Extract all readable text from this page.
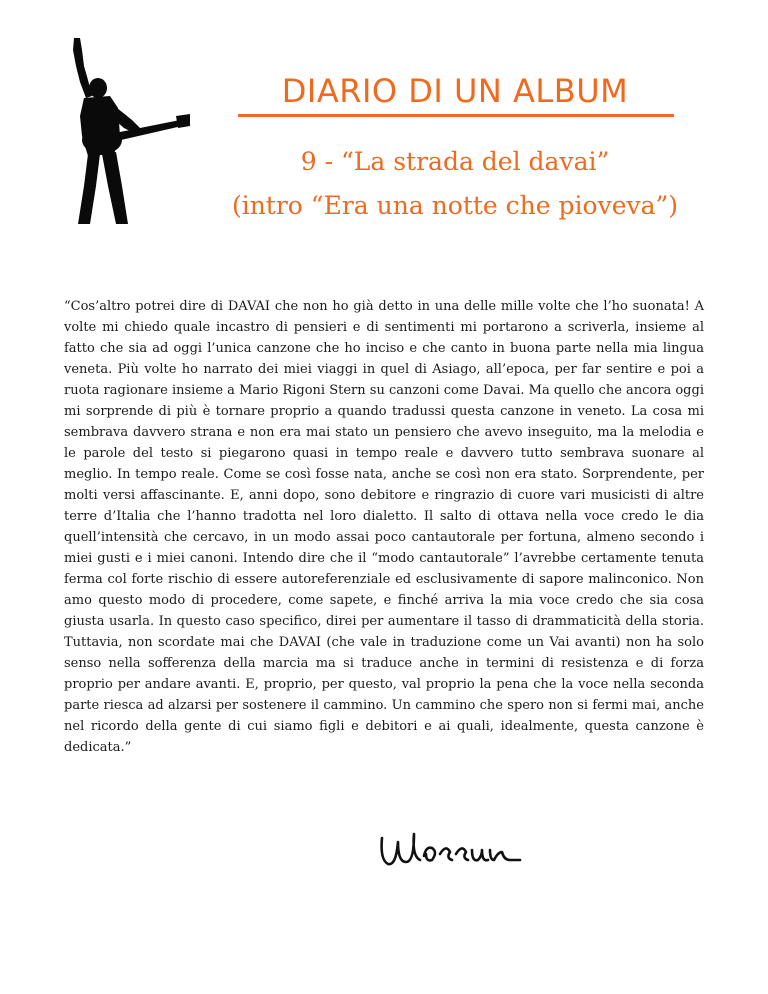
DIARIO DI UN ALBUM
9 - “La strada del davai”
(intro “Era una notte che pioveva”)

“Cos’altro potrei dire di DAVAI che non ho già detto in una delle mille volte che l’ho suonata! A volte mi chiedo quale incastro di pensieri e di sentimenti mi portarono a scriverla, insieme al fatto che sia ad oggi l’unica canzone che ho inciso e che canto in buona parte nella mia lingua veneta. Più volte ho narrato dei miei viaggi in quel di Asiago, all’epoca, per far sentire e poi a ruota ragionare insieme a Mario Rigoni Stern su canzoni come Davai. Ma quello che ancora oggi mi sorprende di più è tornare proprio a quando tradussi questa canzone in veneto. La cosa mi sembrava davvero strana e non era mai stato un pensiero che avevo inseguito, ma la melodia e le parole del testo si piegarono quasi in tempo reale e davvero tutto sembrava suonare al meglio. In tempo reale. Come se così fosse nata, anche se così non era stato. Sorprendente, per molti versi affascinante. E, anni dopo, sono debitore e ringrazio di cuore vari musicisti di altre terre d’Italia che l’hanno tradotta nel loro dialetto. Il salto di ottava nella voce credo le dia quell’intensità che cercavo, in un modo assai poco cantautorale per fortuna, almeno secondo i miei gusti e i miei canoni. Intendo dire che il “modo cantautorale” l’avrebbe certamente tenuta ferma col forte rischio di essere autoreferenziale ed esclusivamente di sapore malinconico. Non amo questo modo di procedere, come sapete, e finché arriva la mia voce credo che sia cosa giusta usarla. In questo caso specifico, direi per aumentare il tasso di drammaticità della storia. Tuttavia, non scordate mai che DAVAI (che vale in traduzione come un Vai avanti) non ha solo senso nella sofferenza della marcia ma si traduce anche in termini di resistenza e di forza proprio per andare avanti. E, proprio, per questo, val proprio la pena che la voce nella seconda parte riesca ad alzarsi per sostenere il cammino. Un cammino che spero non si fermi mai, anche nel ricordo della gente di cui siamo figli e debitori e ai quali, idealmente, questa canzone è dedicata.”
